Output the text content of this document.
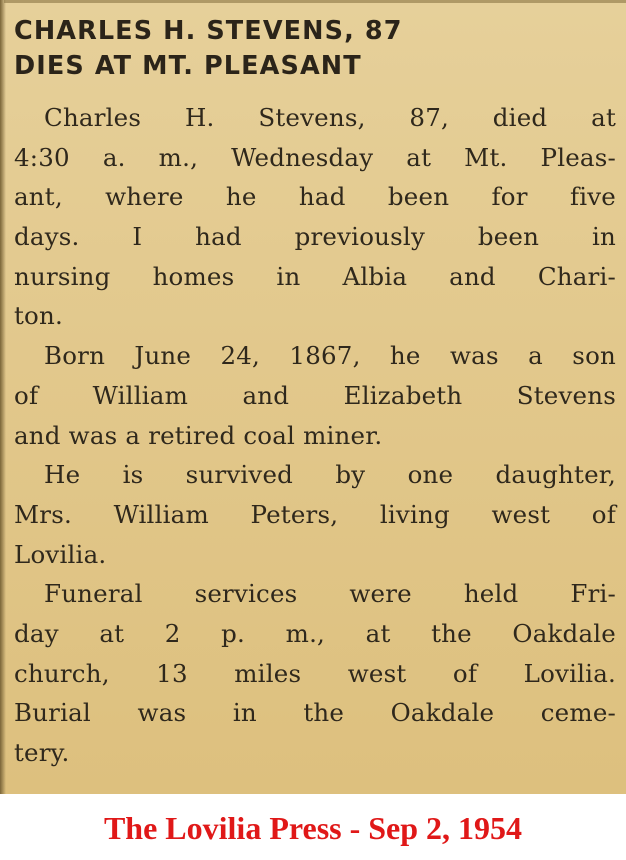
CHARLES H. STEVENS, 87
DIES AT MT. PLEASANT

Charles H. Stevens, 87, died at
4:30 a. m., Wednesday at Mt. Pleas-
ant, where he had been for five
days. I had previously been in
nursing homes in Albia and Chari-
ton.

Born June 24, 1867, he was a son
of William and Elizabeth Stevens
and was a retired coal miner.

He is survived by one daughter,
Mrs. William Peters, living west of
Lovilia.

Funeral services were held Fri-
day at 2 p. m., at the Oakdale
church, 13 miles west of Lovilia.
Burial was in the Oakdale ceme-
tery.

The Lovilia Press - Sep 2, 1954
